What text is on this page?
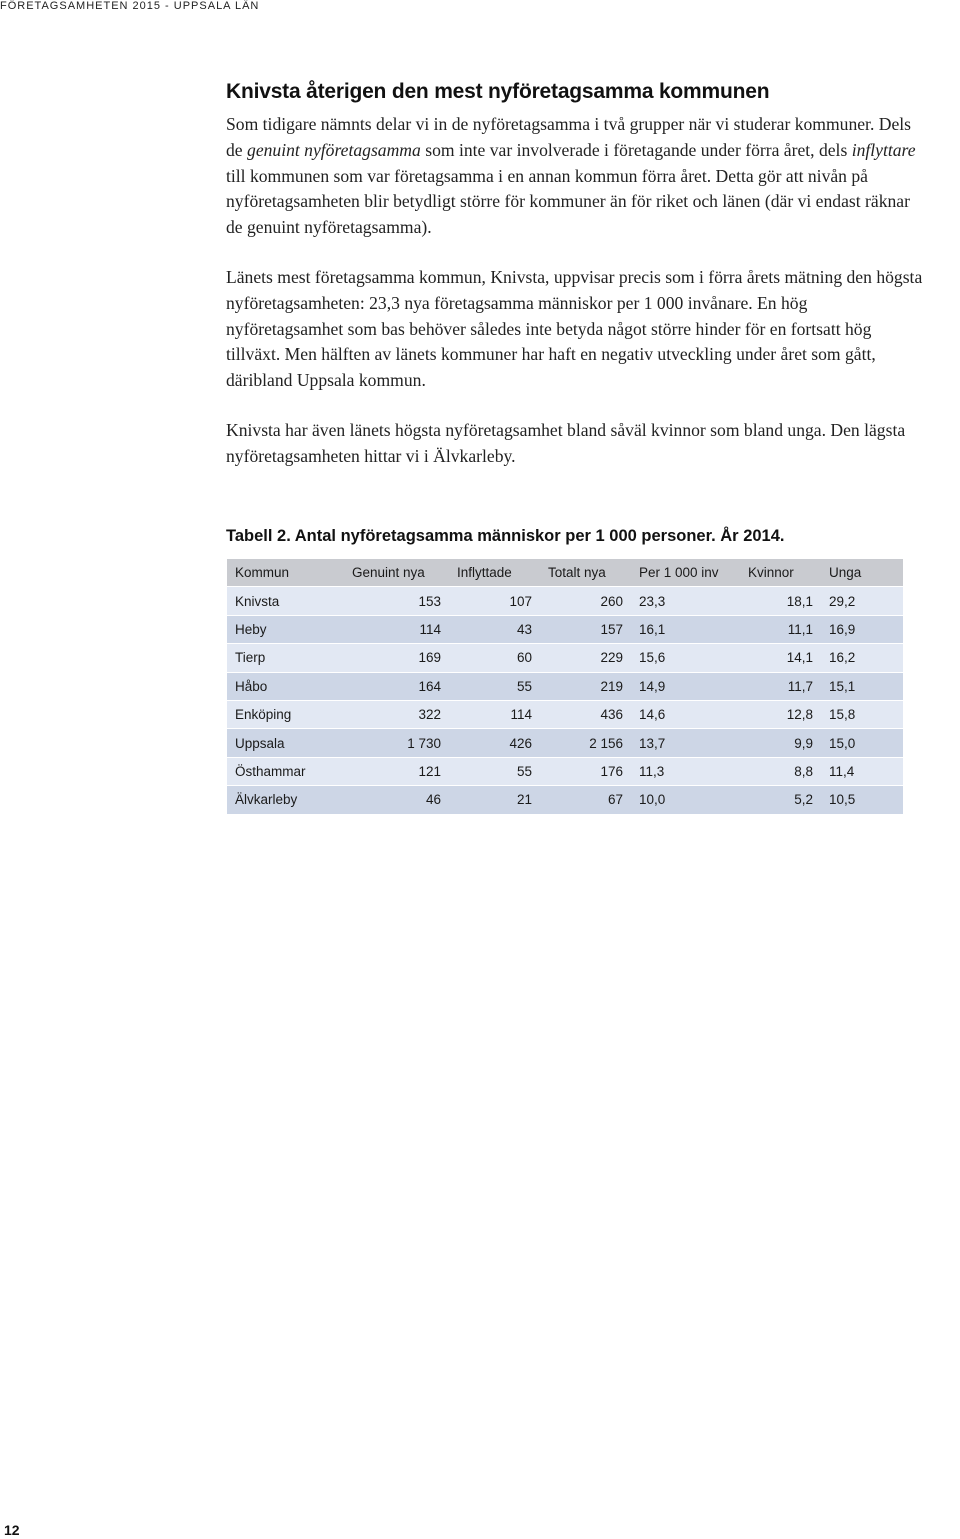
FÖRETAGSAMHETEN 2015 - UPPSALA LÄN
Knivsta återigen den mest nyföretagsamma kommunen

Som tidigare nämnts delar vi in de nyföretagsamma i två grupper när vi studerar kommuner. Dels de genuint nyföretagsamma som inte var involverade i företagande under förra året, dels inflyttare till kommunen som var företagsamma i en annan kommun förra året. Detta gör att nivån på nyföretagsamheten blir betydligt större för kommuner än för riket och länen (där vi endast räknar de genuint nyföretagsamma).

Länets mest företagsamma kommun, Knivsta, uppvisar precis som i förra årets mätning den högsta nyföretagsamheten: 23,3 nya företagsamma människor per 1 000 invånare. En hög nyföretagsamhet som bas behöver således inte betyda något större hinder för en fortsatt hög tillväxt. Men hälften av länets kommuner har haft en negativ utveckling under året som gått, däribland Uppsala kommun.

Knivsta har även länets högsta nyföretagsamhet bland såväl kvinnor som bland unga. Den lägsta nyföretagsamheten hittar vi i Älvkarleby.

Tabell 2. Antal nyföretagsamma människor per 1 000 personer. År 2014.
Kommun	Genuint nya	Inflyttade	Totalt nya	Per 1 000 inv	Kvinnor	Unga
Knivsta	153	107	260	23,3	18,1	29,2
Heby	114	43	157	16,1	11,1	16,9
Tierp	169	60	229	15,6	14,1	16,2
Håbo	164	55	219	14,9	11,7	15,1
Enköping	322	114	436	14,6	12,8	15,8
Uppsala	1 730	426	2 156	13,7	9,9	15,0
Östhammar	121	55	176	11,3	8,8	11,4
Älvkarleby	46	21	67	10,0	5,2	10,5
12
